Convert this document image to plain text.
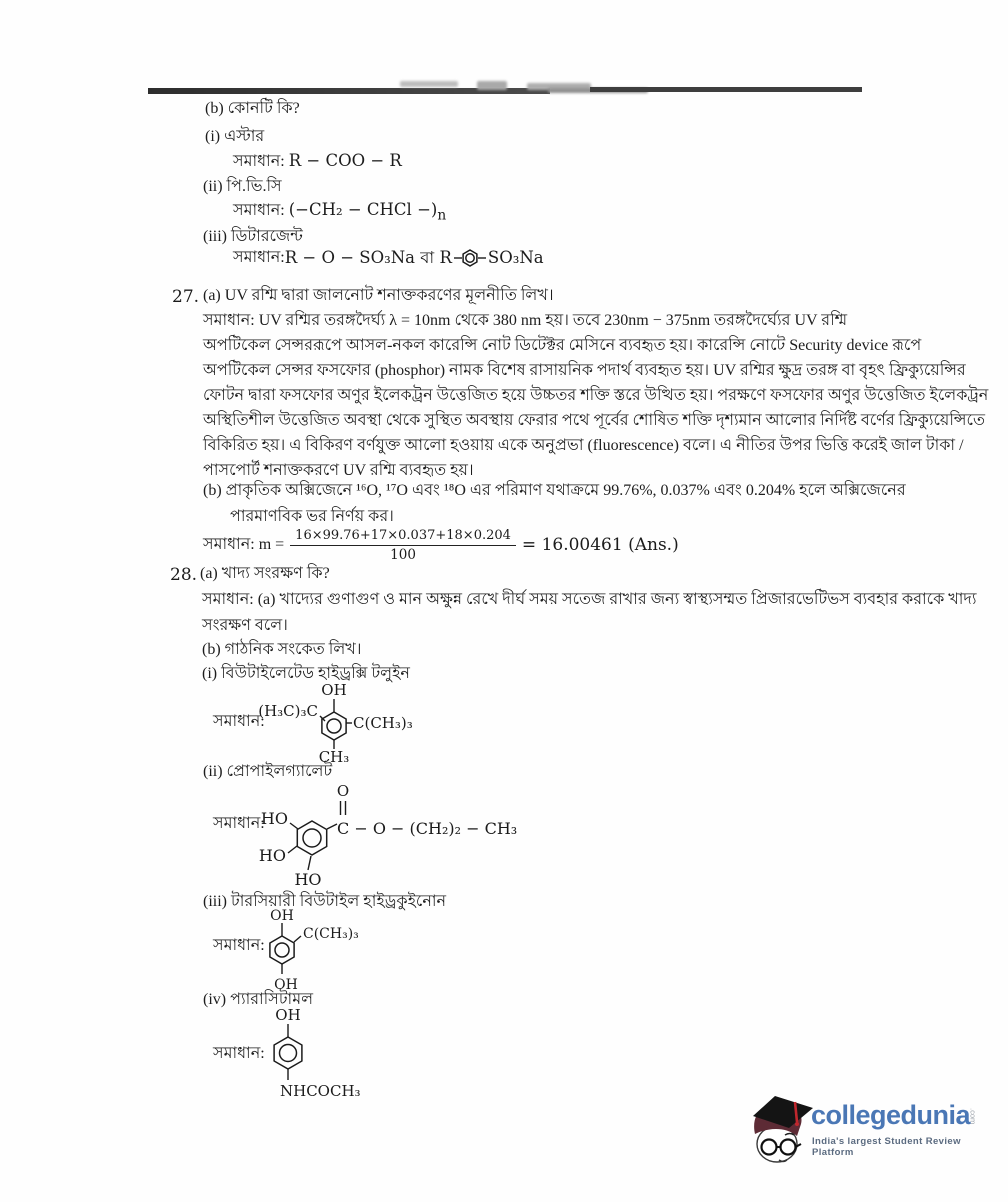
(b) কোনটি কি?
(i) এস্টার
সমাধান: R − COO − R
(ii) পি.ভি.সি
সমাধান: (−CH₂ − CHCl $-)_n$
(iii) ডিটারজেন্ট
সমাধান: R − O − SO₃Na বা R SO₃Na
27. (a) UV রশ্মি দ্বারা জালনোট শনাক্তকরণের মূলনীতি লিখ।
সমাধান: UV রশ্মির তরঙ্গদৈর্ঘ্য λ = 10nm থেকে 380 nm হয়। তবে 230nm − 375nm তরঙ্গদৈর্ঘ্যের UV রশ্মি
অপটিকেল সেন্সররূপে আসল-নকল কারেন্সি নোট ডিটেক্টর মেসিনে ব্যবহৃত হয়। কারেন্সি নোটে Security device রূপে
অপটিকেল সেন্সর ফসফোর (phosphor) নামক বিশেষ রাসায়নিক পদার্থ ব্যবহৃত হয়। UV রশ্মির ক্ষুদ্র তরঙ্গ বা বৃহৎ ফ্রিক্যুয়েন্সির
ফোটন দ্বারা ফসফোর অণুর ইলেকট্রন উত্তেজিত হয়ে উচ্চতর শক্তি স্তরে উত্থিত হয়। পরক্ষণে ফসফোর অণুর উত্তেজিত ইলেকট্রন
অস্থিতিশীল উত্তেজিত অবস্থা থেকে সুস্থিত অবস্থায় ফেরার পথে পূর্বের শোষিত শক্তি দৃশ্যমান আলোর নির্দিষ্ট বর্ণের ফ্রিক্যুয়েন্সিতে
বিকিরিত হয়। এ বিকিরণ বর্ণযুক্ত আলো হওয়ায় একে অনুপ্রভা (fluorescence) বলে। এ নীতির উপর ভিত্তি করেই জাল টাকা /
পাসপোর্ট শনাক্তকরণে UV রশ্মি ব্যবহৃত হয়।
(b) প্রাকৃতিক অক্সিজেনে ¹⁶O, ¹⁷O এবং ¹⁸O এর পরিমাণ যথাক্রমে 99.76%, 0.037% এবং 0.204% হলে অক্সিজেনের
পারমাণবিক ভর নির্ণয় কর।
সমাধান: $m = \frac{16\times 99.76+17\times 0.037+18\times 0.204}{100} = 16.00461$ (Ans.)
28. (a) খাদ্য সংরক্ষণ কি?
সমাধান: (a) খাদ্যের গুণাগুণ ও মান অক্ষুন্ন রেখে দীর্ঘ সময় সতেজ রাখার জন্য স্বাস্থ্যসম্মত প্রিজারভেটিভস ব্যবহার করাকে খাদ্য
সংরক্ষণ বলে।
(b) গাঠনিক সংকেত লিখ।
(i) বিউটাইলেটেড হাইড্রক্সি টলুইন
সমাধান:
OH
(H₃C)₃C
C(CH₃)₃
CH₃
(ii) প্রোপাইলগ্যালেট
সমাধান:
HO
HO
HO
O
C − O − (CH₂)₂ − CH₃
(iii) টারসিয়ারী বিউটাইল হাইড্রকুইনোন
সমাধান:
OH
C(CH₃)₃
OH
(iv) প্যারাসিটামল
সমাধান:
OH
NHCOCH₃
collegedunia
.com
India's largest Student Review Platform
